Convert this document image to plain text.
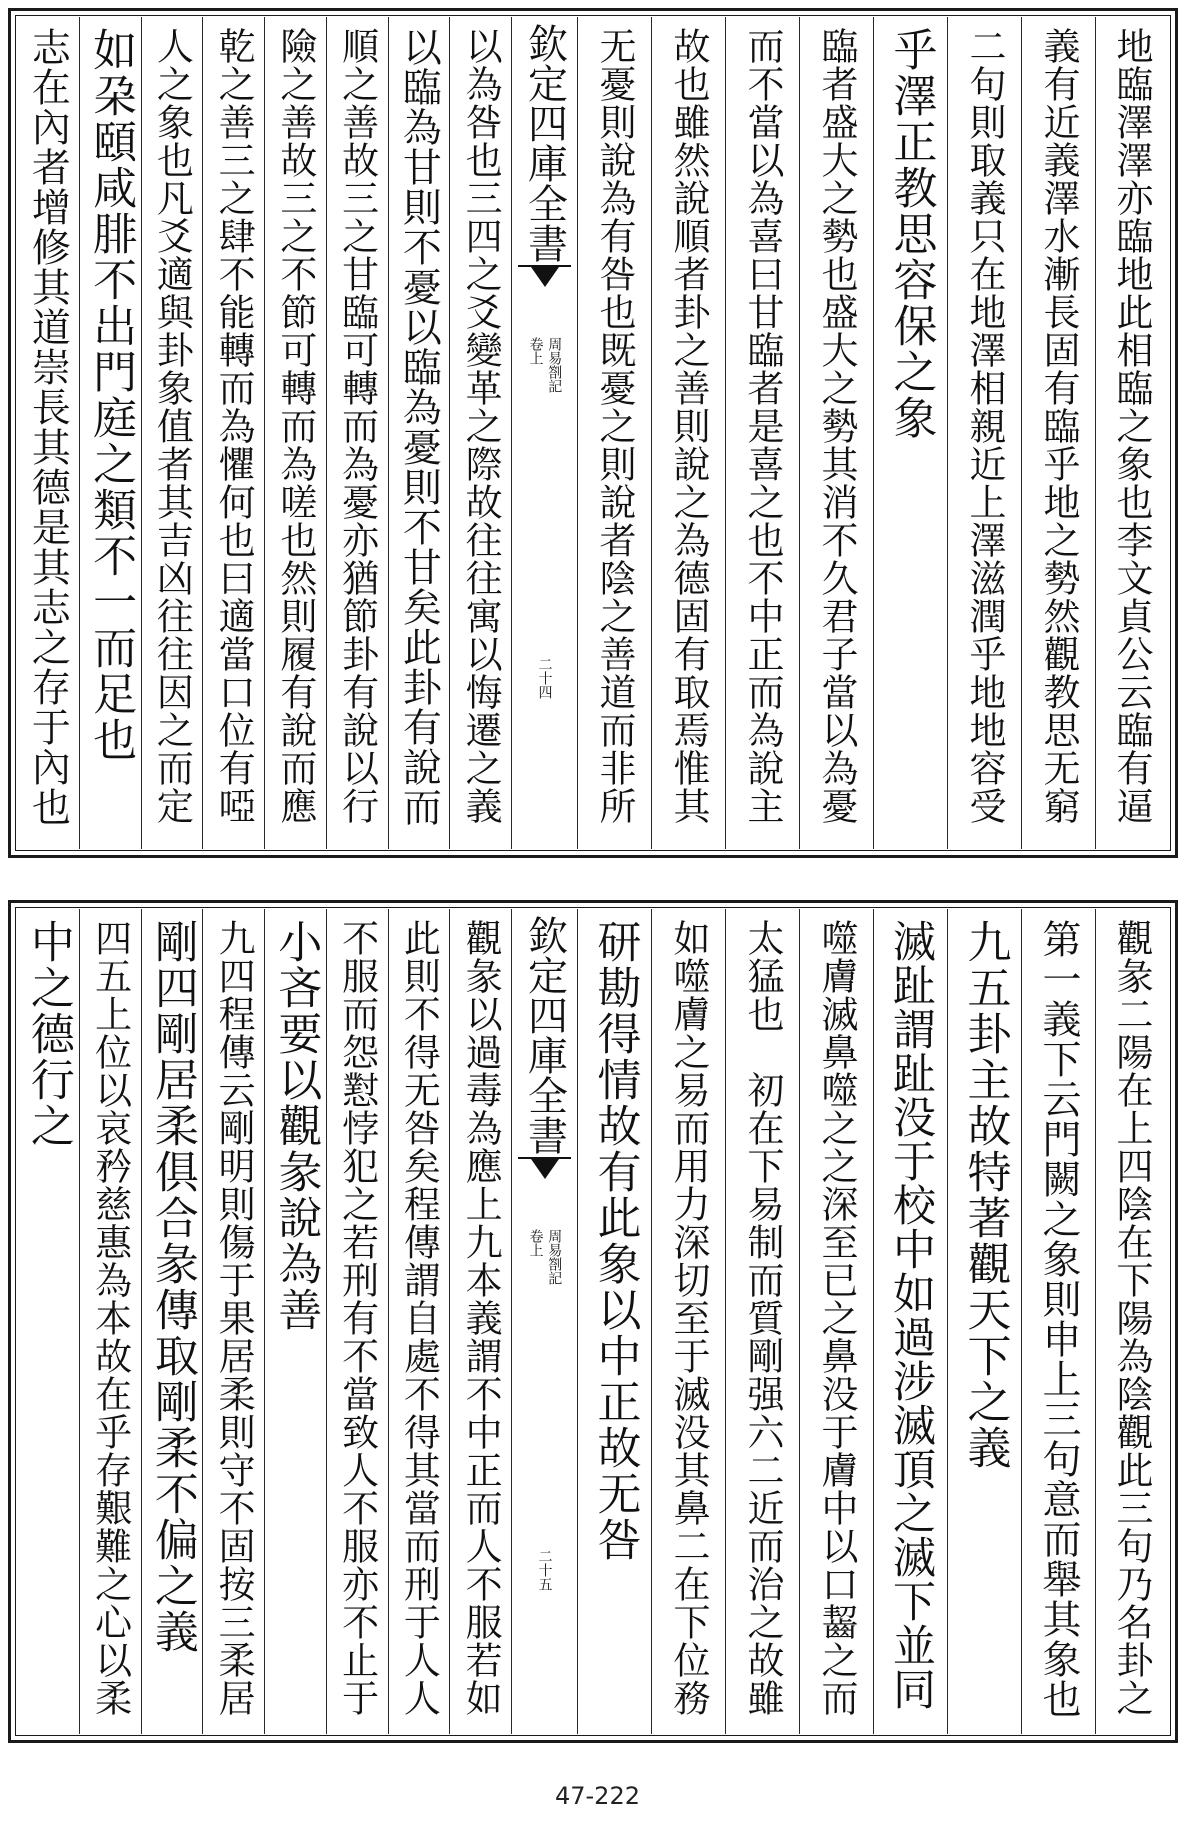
地臨澤澤亦臨地此相臨之象也李文貞公云臨有逼
義有近義澤水漸長固有臨乎地之勢然觀教思无窮
二句則取義只在地澤相親近上澤滋潤乎地地容受
乎澤正教思容保之象
臨者盛大之勢也盛大之勢其消不久君子當以為憂
而不當以為喜曰甘臨者是喜之也不中正而為說主
故也雖然說順者卦之善則說之為德固有取焉惟其
无憂則說為有咎也既憂之則說者陰之善道而非所
欽定四庫全書
周易劄記
卷上
二十四
以為咎也三四之爻變革之際故往往寓以悔遷之義
以臨為甘則不憂以臨為憂則不甘矣此卦有說而
順之善故三之甘臨可轉而為憂亦猶節卦有說以行
險之善故三之不節可轉而為嗟也然則履有說而應
乾之善三之肆不能轉而為懼何也曰適當口位有啞
人之象也凡爻適與卦象值者其吉凶往往因之而定
如朶頤咸腓不出門庭之類不一而足也
志在內者增修其道崇長其德是其志之存于內也
觀彖二陽在上四陰在下陽為陰觀此三句乃名卦之
第一義下云門闕之象則申上三句意而舉其象也
九五卦主故特著觀天下之義
滅趾謂趾没于校中如過涉滅頂之滅下並同
噬膚滅鼻噬之之深至已之鼻没于膚中以口齧之而
太猛也　初在下易制而質剛强六二近而治之故雖
如噬膚之易而用力深切至于滅没其鼻二在下位務
研勘得情故有此象以中正故无咎
欽定四庫全書
周易劄記
卷上
二十五
觀彖以過毒為應上九本義謂不中正而人不服若如
此則不得无咎矣程傳謂自處不得其當而刑于人人
不服而怨懟悖犯之若刑有不當致人不服亦不止于
小吝要以觀彖說為善
九四程傳云剛明則傷于果居柔則守不固按三柔居
剛四剛居柔俱合彖傳取剛柔不偏之義
四五上位以哀矜慈惠為本故在乎存艱難之心以柔
中之德行之
47-222
